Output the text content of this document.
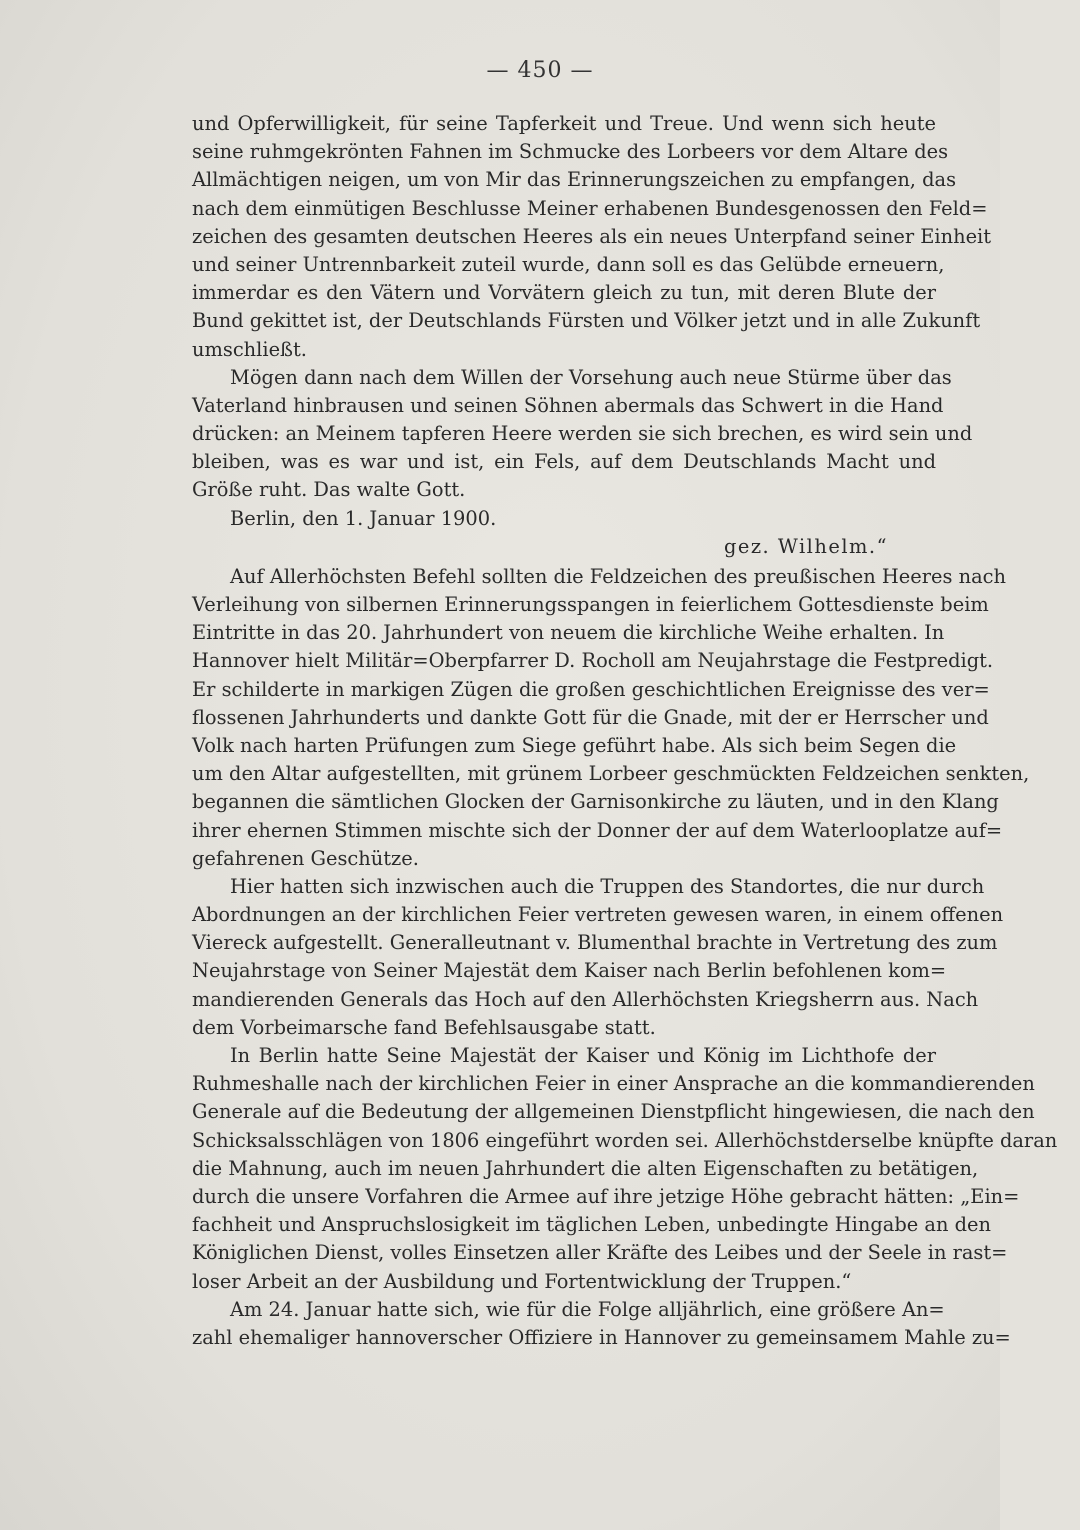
— 450 —
und Opferwilligkeit, für seine Tapferkeit und Treue. Und wenn sich heute
seine ruhmgekrönten Fahnen im Schmucke des Lorbeers vor dem Altare des
Allmächtigen neigen, um von Mir das Erinnerungszeichen zu empfangen, das
nach dem einmütigen Beschlusse Meiner erhabenen Bundesgenossen den Feld=
zeichen des gesamten deutschen Heeres als ein neues Unterpfand seiner Einheit
und seiner Untrennbarkeit zuteil wurde, dann soll es das Gelübde erneuern,
immerdar es den Vätern und Vorvätern gleich zu tun, mit deren Blute der
Bund gekittet ist, der Deutschlands Fürsten und Völker jetzt und in alle Zukunft
umschließt.
Mögen dann nach dem Willen der Vorsehung auch neue Stürme über das
Vaterland hinbrausen und seinen Söhnen abermals das Schwert in die Hand
drücken: an Meinem tapferen Heere werden sie sich brechen, es wird sein und
bleiben, was es war und ist, ein Fels, auf dem Deutschlands Macht und
Größe ruht. Das walte Gott.
Berlin, den 1. Januar 1900.
gez. Wilhelm.“
Auf Allerhöchsten Befehl sollten die Feldzeichen des preußischen Heeres nach
Verleihung von silbernen Erinnerungsspangen in feierlichem Gottesdienste beim
Eintritte in das 20. Jahrhundert von neuem die kirchliche Weihe erhalten. In
Hannover hielt Militär=Oberpfarrer D. Rocholl am Neujahrstage die Festpredigt.
Er schilderte in markigen Zügen die großen geschichtlichen Ereignisse des ver=
flossenen Jahrhunderts und dankte Gott für die Gnade, mit der er Herrscher und
Volk nach harten Prüfungen zum Siege geführt habe. Als sich beim Segen die
um den Altar aufgestellten, mit grünem Lorbeer geschmückten Feldzeichen senkten,
begannen die sämtlichen Glocken der Garnisonkirche zu läuten, und in den Klang
ihrer ehernen Stimmen mischte sich der Donner der auf dem Waterlooplatze auf=
gefahrenen Geschütze.
Hier hatten sich inzwischen auch die Truppen des Standortes, die nur durch
Abordnungen an der kirchlichen Feier vertreten gewesen waren, in einem offenen
Viereck aufgestellt. Generalleutnant v. Blumenthal brachte in Vertretung des zum
Neujahrstage von Seiner Majestät dem Kaiser nach Berlin befohlenen kom=
mandierenden Generals das Hoch auf den Allerhöchsten Kriegsherrn aus. Nach
dem Vorbeimarsche fand Befehlsausgabe statt.
In Berlin hatte Seine Majestät der Kaiser und König im Lichthofe der
Ruhmeshalle nach der kirchlichen Feier in einer Ansprache an die kommandierenden
Generale auf die Bedeutung der allgemeinen Dienstpflicht hingewiesen, die nach den
Schicksalsschlägen von 1806 eingeführt worden sei. Allerhöchstderselbe knüpfte daran
die Mahnung, auch im neuen Jahrhundert die alten Eigenschaften zu betätigen,
durch die unsere Vorfahren die Armee auf ihre jetzige Höhe gebracht hätten: „Ein=
fachheit und Anspruchslosigkeit im täglichen Leben, unbedingte Hingabe an den
Königlichen Dienst, volles Einsetzen aller Kräfte des Leibes und der Seele in rast=
loser Arbeit an der Ausbildung und Fortentwicklung der Truppen.“
Am 24. Januar hatte sich, wie für die Folge alljährlich, eine größere An=
zahl ehemaliger hannoverscher Offiziere in Hannover zu gemeinsamem Mahle zu=
